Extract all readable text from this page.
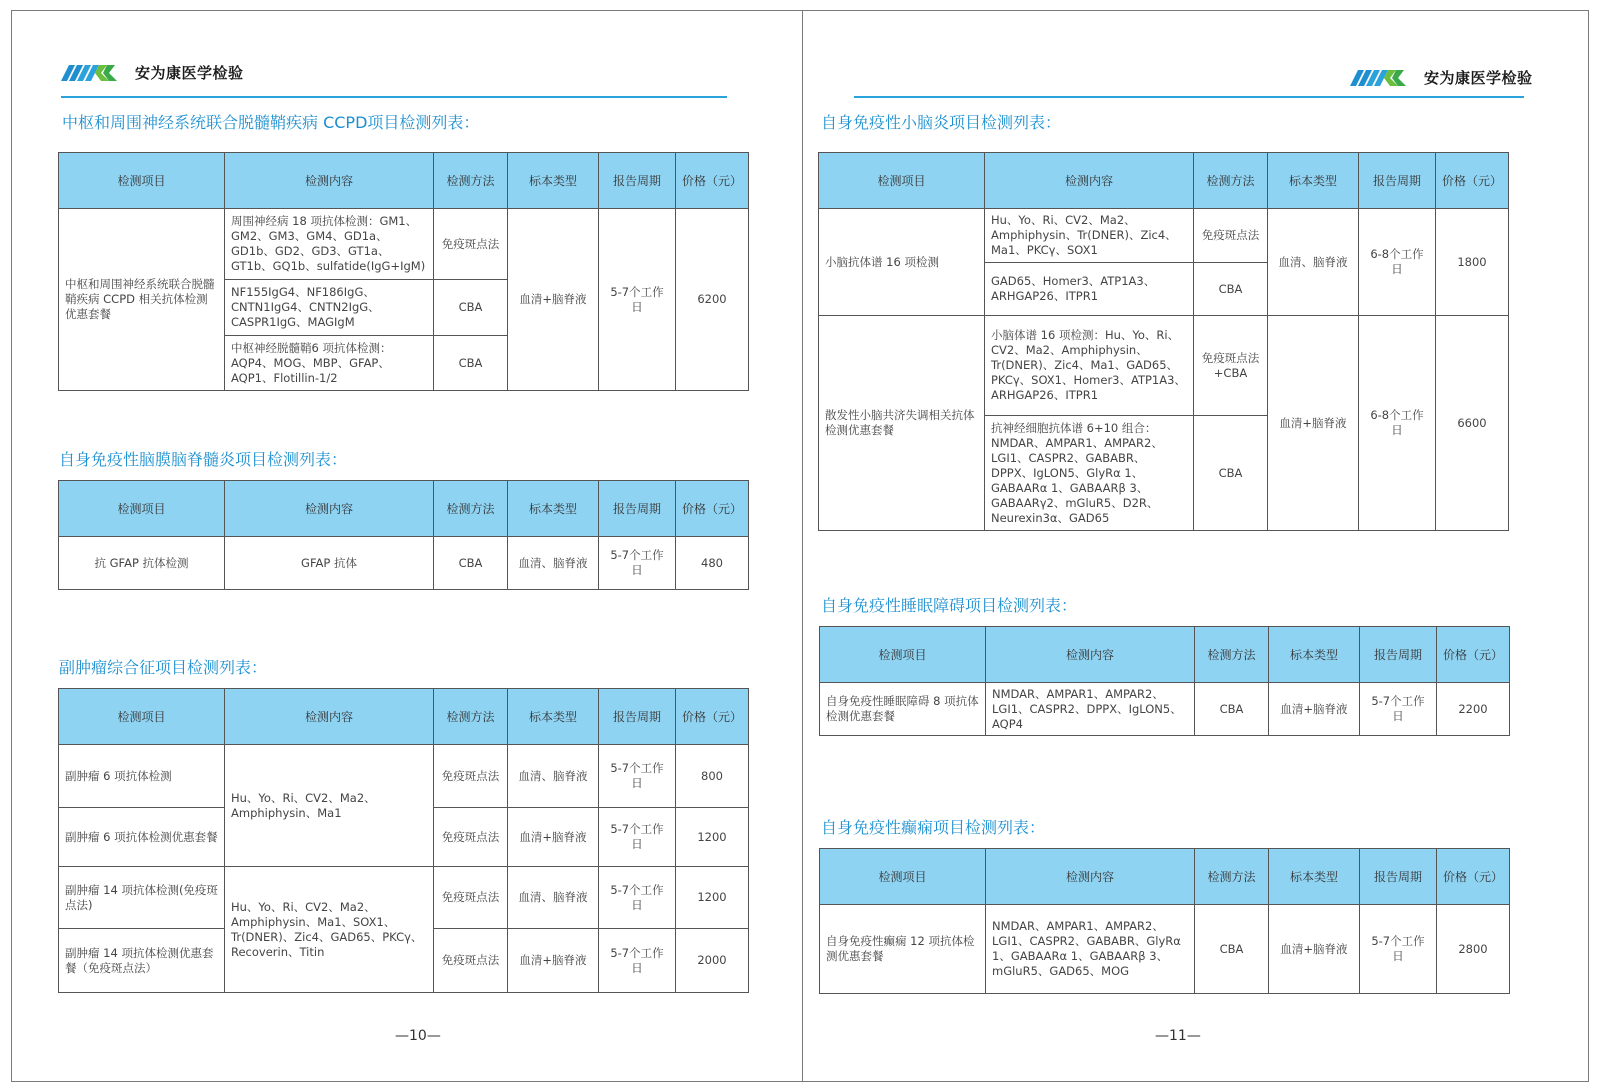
安为康医学检验
中枢和周围神经系统联合脱髓鞘疾病 CCPD项目检测列表：
检测项目	检测内容	检测方法	标本类型	报告周期	价格（元）
中枢和周围神经系统联合脱髓鞘疾病 CCPD 相关抗体检测优惠套餐	周围神经病 18 项抗体检测：GM1、GM2、GM3、GM4、GD1a、GD1b、GD2、GD3、GT1a、GT1b、GQ1b、sulfatide(IgG+IgM)	免疫斑点法	血清+脑脊液	5-7个工作日	6200
	NF155IgG4、NF186IgG、CNTN1IgG4、CNTN2IgG、CASPR1IgG、MAGIgM	CBA			
	中枢神经脱髓鞘6 项抗体检测：AQP4、MOG、MBP、GFAP、AQP1、Flotillin-1/2	CBA			
自身免疫性脑膜脑脊髓炎项目检测列表：
检测项目	检测内容	检测方法	标本类型	报告周期	价格（元）
抗 GFAP 抗体检测	GFAP 抗体	CBA	血清、脑脊液	5-7个工作日	480
副肿瘤综合征项目检测列表：
检测项目	检测内容	检测方法	标本类型	报告周期	价格（元）
副肿瘤 6 项抗体检测	Hu、Yo、Ri、CV2、Ma2、Amphiphysin、Ma1	免疫斑点法	血清、脑脊液	5-7个工作日	800
副肿瘤 6 项抗体检测优惠套餐		免疫斑点法	血清+脑脊液	5-7个工作日	1200
副肿瘤 14 项抗体检测(免疫斑点法)	Hu、Yo、Ri、CV2、Ma2、Amphiphysin、Ma1、SOX1、Tr(DNER)、Zic4、GAD65、PKCγ、Recoverin、Titin	免疫斑点法	血清、脑脊液	5-7个工作日	1200
副肿瘤 14 项抗体检测优惠套餐（免疫斑点法）		免疫斑点法	血清+脑脊液	5-7个工作日	2000
—10—
安为康医学检验
自身免疫性小脑炎项目检测列表：
检测项目	检测内容	检测方法	标本类型	报告周期	价格（元）
小脑抗体谱 16 项检测	Hu、Yo、Ri、CV2、Ma2、Amphiphysin、Tr(DNER)、Zic4、Ma1、PKCγ、SOX1	免疫斑点法	血清、脑脊液	6-8个工作日	1800
	GAD65、Homer3、ATP1A3、ARHGAP26、ITPR1	CBA			
散发性小脑共济失调相关抗体检测优惠套餐	小脑体谱 16 项检测：Hu、Yo、Ri、CV2、Ma2、Amphiphysin、Tr(DNER)、Zic4、Ma1、GAD65、PKCγ、SOX1、Homer3、ATP1A3、ARHGAP26、ITPR1	免疫斑点法+CBA	血清+脑脊液	6-8个工作日	6600
	抗神经细胞抗体谱 6+10 组合：NMDAR、AMPAR1、AMPAR2、LGI1、CASPR2、GABABR、DPPX、IgLON5、GlyRα 1、GABAARα 1、GABAARβ 3、GABAARγ2、mGluR5、D2R、Neurexin3α、GAD65	CBA			
自身免疫性睡眠障碍项目检测列表：
检测项目	检测内容	检测方法	标本类型	报告周期	价格（元）
自身免疫性睡眠障碍 8 项抗体检测优惠套餐	NMDAR、AMPAR1、AMPAR2、LGI1、CASPR2、DPPX、IgLON5、AQP4	CBA	血清+脑脊液	5-7个工作日	2200
自身免疫性癫痫项目检测列表：
检测项目	检测内容	检测方法	标本类型	报告周期	价格（元）
自身免疫性癫痫 12 项抗体检测优惠套餐	NMDAR、AMPAR1、AMPAR2、LGI1、CASPR2、GABABR、GlyRα 1、GABAARα 1、GABAARβ 3、mGluR5、GAD65、MOG	CBA	血清+脑脊液	5-7个工作日	2800
—11—
